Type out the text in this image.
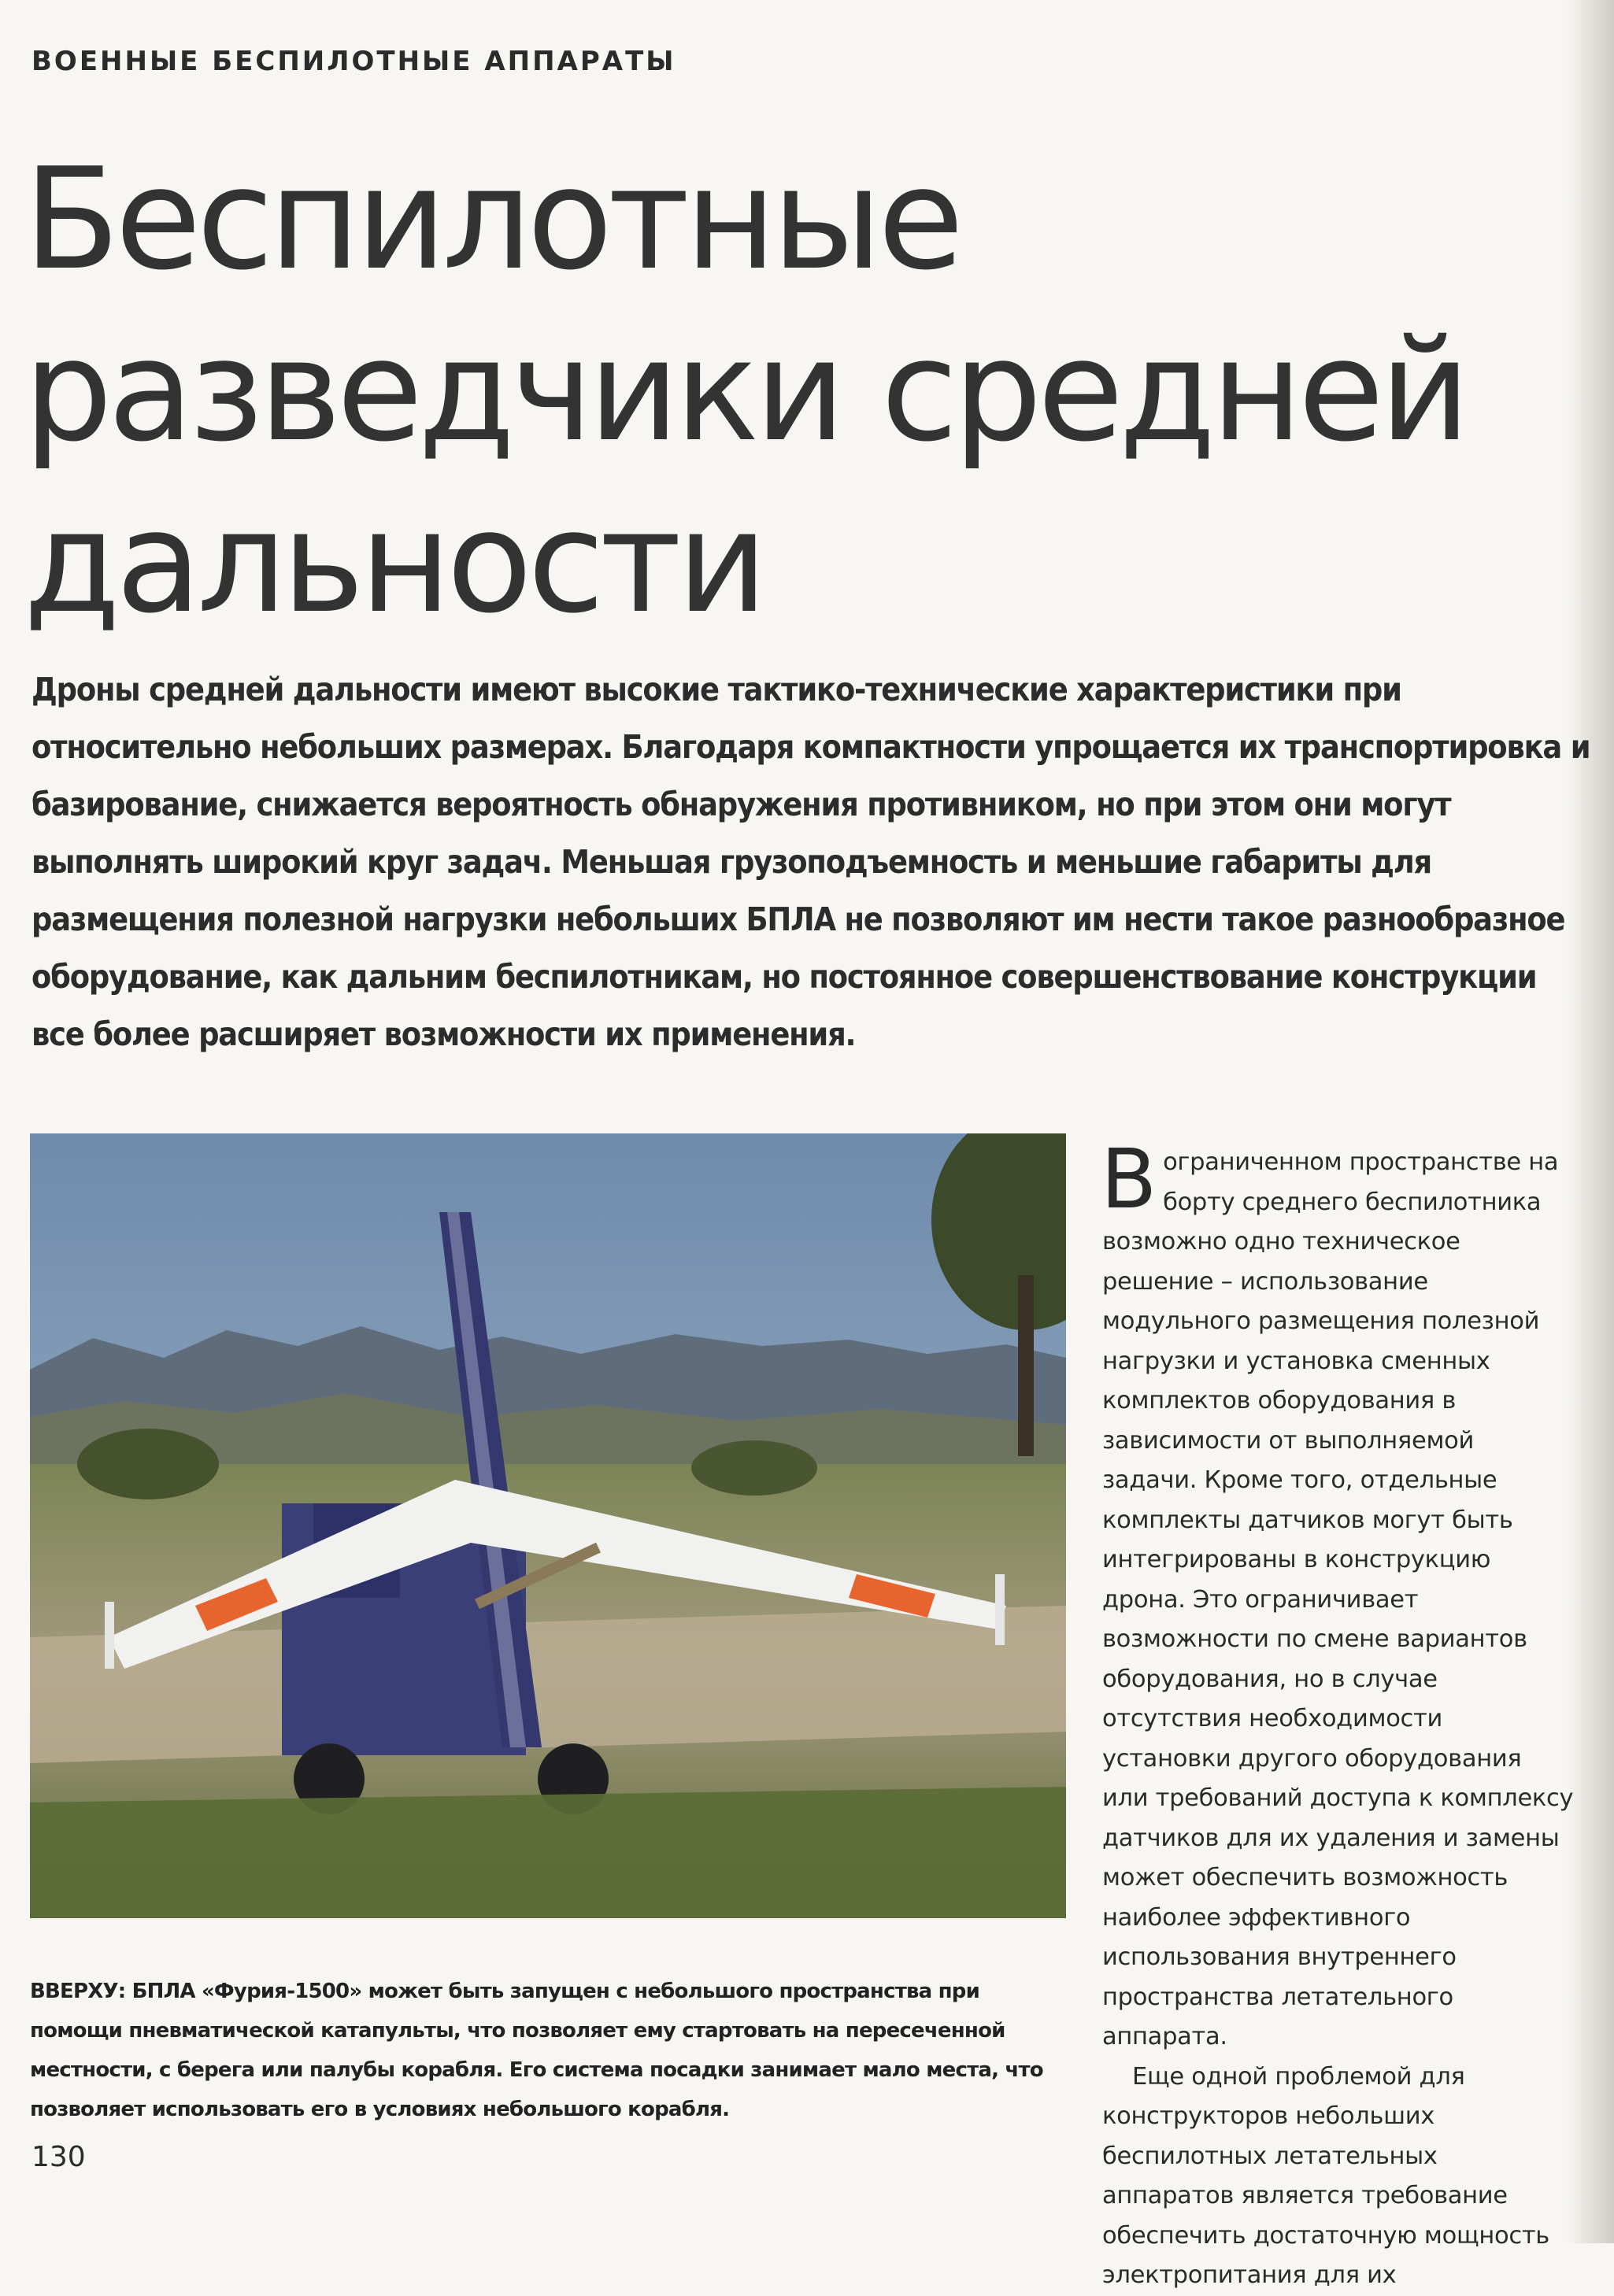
ВОЕННЫЕ БЕСПИЛОТНЫЕ АППАРАТЫ
Беспилотные
разведчики средней
дальности

Дроны средней дальности имеют высокие тактико-технические характеристики при относительно небольших размерах. Благодаря компактности упрощается их транспортировка и базирование, снижается вероятность обнаружения противником, но при этом они могут выполнять широкий круг задач. Меньшая грузоподъемность и меньшие габариты для размещения полезной нагрузки небольших БПЛА не позволяют им нести такое разнообразное оборудование, как дальним беспилотникам, но постоянное совершенствование конструкции все более расширяет возможности их применения.

ВВЕРХУ: БПЛА «Фурия-1500» может быть запущен с небольшого пространства при помощи пневматической катапульты, что позволяет ему стартовать на пересеченной местности, с берега или палубы корабля. Его система посадки занимает мало места, что позволяет использовать его в условиях небольшого корабля.

В ограниченном пространстве на борту среднего беспилотника возможно одно техническое решение – использование модульного размещения полезной нагрузки и установка сменных комплектов оборудования в зависимости от выполняемой задачи. Кроме того, отдельные комплекты датчиков могут быть интегрированы в конструкцию дрона. Это ограничивает возможности по смене вариантов оборудования, но в случае отсутствия необходимости установки другого оборудования или требований доступа к комплексу датчиков для их удаления и замены может обеспечить возможность наиболее эффективного использования внутреннего пространства летательного аппарата.

Еще одной проблемой для конструкторов небольших беспилотных летательных аппаратов является требование обеспечить достаточную мощность электропитания для их

130
